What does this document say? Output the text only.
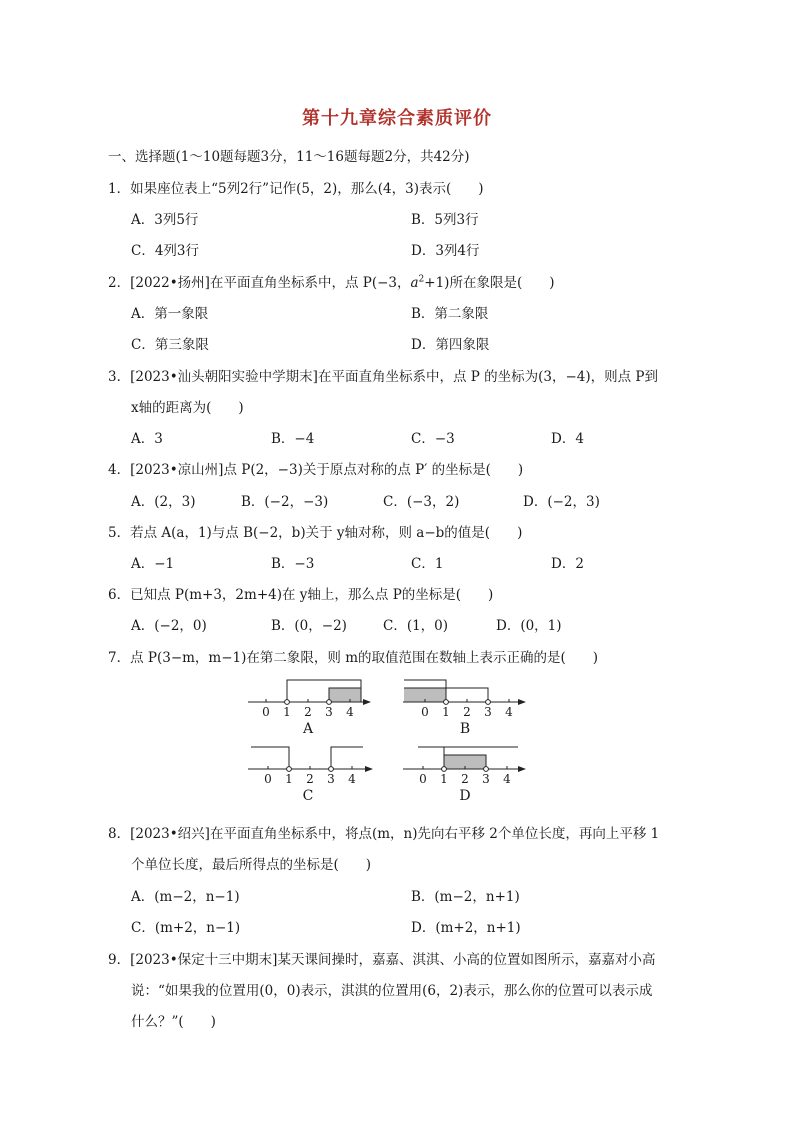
第十九章综合素质评价
一、选择题(1～10题每题3分，11～16题每题2分，共42分)
1．如果座位表上“5列2行”记作(5，2)，那么(4，3)表示(　　)
A．3列5行	B．5列3行
C．4列3行	D．3列4行
2．[2022•扬州]在平面直角坐标系中，点 P(−3，$a^2+1$)所在象限是(　　)
A．第一象限	B．第二象限
C．第三象限	D．第四象限
3．[2023•汕头朝阳实验中学期末]在平面直角坐标系中，点 P 的坐标为(3，−4)，则点 P到
x轴的距离为(　　)
A．3	B．−4	C．−3	D．4
4．[2023•凉山州]点 P(2，−3)关于原点对称的点 P′ 的坐标是(　　)
A．(2，3)	B．(−2，−3)	C．(−3，2)	D．(−2，3)
5．若点 A(a，1)与点 B(−2，b)关于 y轴对称，则 a−b的值是(　　)
A．−1	B．−3	C．1	D．2
6．已知点 P(m+3，2m+4)在 y轴上，那么点 P的坐标是(　　)
A．(−2，0)	B．(0，−2)	C．(1，0)	D．(0，1)
7．点 P(3−m，m−1)在第二象限，则 m的取值范围在数轴上表示正确的是(　　)
0 1 2 3 4
A
0 1 2 3 4
B
0 1 2 3 4
C
0 1 2 3 4
D
8．[2023•绍兴]在平面直角坐标系中，将点(m，n)先向右平移 2个单位长度，再向上平移 1
个单位长度，最后所得点的坐标是(　　)
A．(m−2，n−1)	B．(m−2，n+1)
C．(m+2，n−1)	D．(m+2，n+1)
9．[2023•保定十三中期末]某天课间操时，嘉嘉、淇淇、小高的位置如图所示，嘉嘉对小高
说：“如果我的位置用(0，0)表示，淇淇的位置用(6，2)表示，那么你的位置可以表示成
什么？”(　　)
